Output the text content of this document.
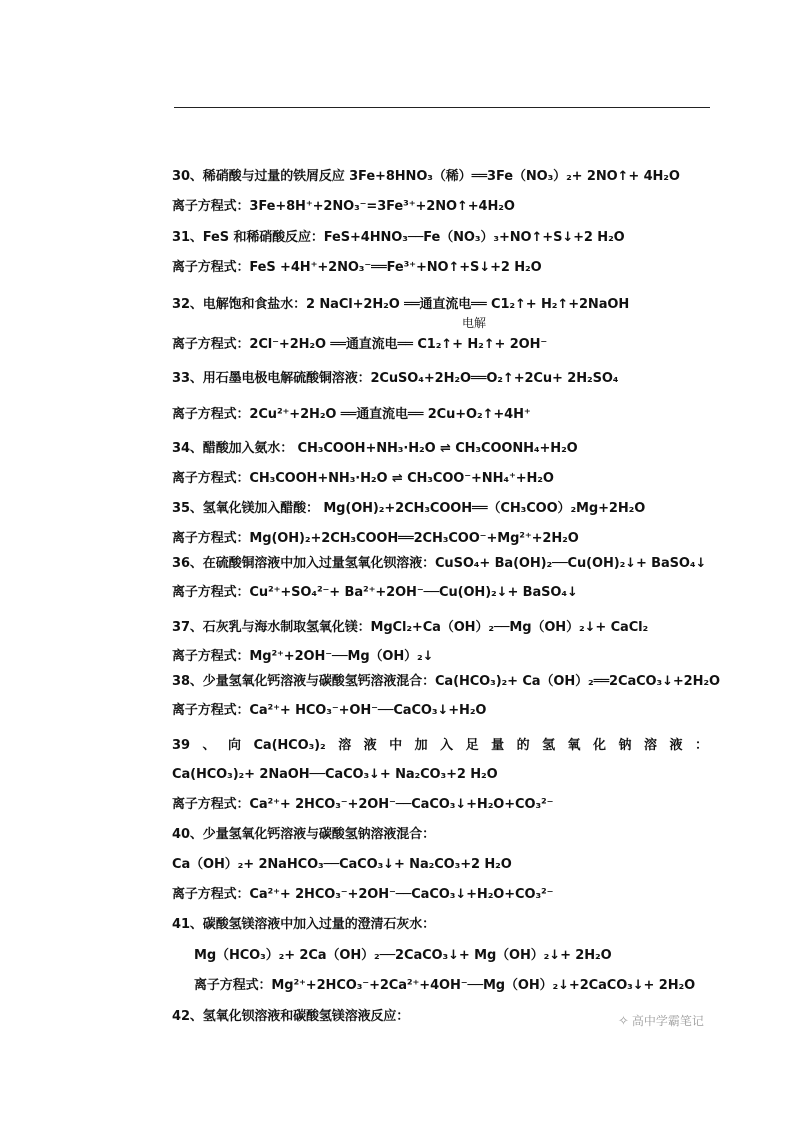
30、稀硝酸与过量的铁屑反应 3Fe+8HNO₃（稀）══3Fe（NO₃）₂+ 2NO↑+ 4H₂O
离子方程式：3Fe+8H⁺+2NO₃⁻=3Fe³⁺+2NO↑+4H₂O
31、FeS 和稀硝酸反应：FeS+4HNO₃──Fe（NO₃）₃+NO↑+S↓+2 H₂O
离子方程式：FeS +4H⁺+2NO₃⁻══Fe³⁺+NO↑+S↓+2 H₂O
32、电解饱和食盐水：2 NaCl+2H₂O ══通直流电══ C1₂↑+ H₂↑+2NaOH
电解
离子方程式：2Cl⁻+2H₂O ══通直流电══ C1₂↑+ H₂↑+ 2OH⁻
33、用石墨电极电解硫酸铜溶液：2CuSO₄+2H₂O══O₂↑+2Cu+ 2H₂SO₄
离子方程式：2Cu²⁺+2H₂O ══通直流电══ 2Cu+O₂↑+4H⁺
34、醋酸加入氨水： CH₃COOH+NH₃·H₂O ⇌ CH₃COONH₄+H₂O
离子方程式：CH₃COOH+NH₃·H₂O ⇌ CH₃COO⁻+NH₄⁺+H₂O
35、氢氧化镁加入醋酸： Mg(OH)₂+2CH₃COOH══（CH₃COO）₂Mg+2H₂O
离子方程式：Mg(OH)₂+2CH₃COOH══2CH₃COO⁻+Mg²⁺+2H₂O
36、在硫酸铜溶液中加入过量氢氧化钡溶液：CuSO₄+ Ba(OH)₂──Cu(OH)₂↓+ BaSO₄↓
离子方程式：Cu²⁺+SO₄²⁻+ Ba²⁺+2OH⁻──Cu(OH)₂↓+ BaSO₄↓
37、石灰乳与海水制取氢氧化镁：MgCl₂+Ca（OH）₂──Mg（OH）₂↓+ CaCl₂
离子方程式：Mg²⁺+2OH⁻──Mg（OH）₂↓
38、少量氢氧化钙溶液与碳酸氢钙溶液混合：Ca(HCO₃)₂+ Ca（OH）₂══2CaCO₃↓+2H₂O
离子方程式：Ca²⁺+ HCO₃⁻+OH⁻──CaCO₃↓+H₂O
39 、 向 Ca(HCO₃)₂ 溶 液 中 加 入 足 量 的 氢 氧 化 钠 溶 液 ：
Ca(HCO₃)₂+ 2NaOH──CaCO₃↓+ Na₂CO₃+2 H₂O
离子方程式：Ca²⁺+ 2HCO₃⁻+2OH⁻──CaCO₃↓+H₂O+CO₃²⁻
40、少量氢氧化钙溶液与碳酸氢钠溶液混合：
Ca（OH）₂+ 2NaHCO₃──CaCO₃↓+ Na₂CO₃+2 H₂O
离子方程式：Ca²⁺+ 2HCO₃⁻+2OH⁻──CaCO₃↓+H₂O+CO₃²⁻
41、碳酸氢镁溶液中加入过量的澄清石灰水：
Mg（HCO₃）₂+ 2Ca（OH）₂──2CaCO₃↓+ Mg（OH）₂↓+ 2H₂O
离子方程式：Mg²⁺+2HCO₃⁻+2Ca²⁺+4OH⁻──Mg（OH）₂↓+2CaCO₃↓+ 2H₂O
42、氢氧化钡溶液和碳酸氢镁溶液反应：	✧ 高中学霸笔记
